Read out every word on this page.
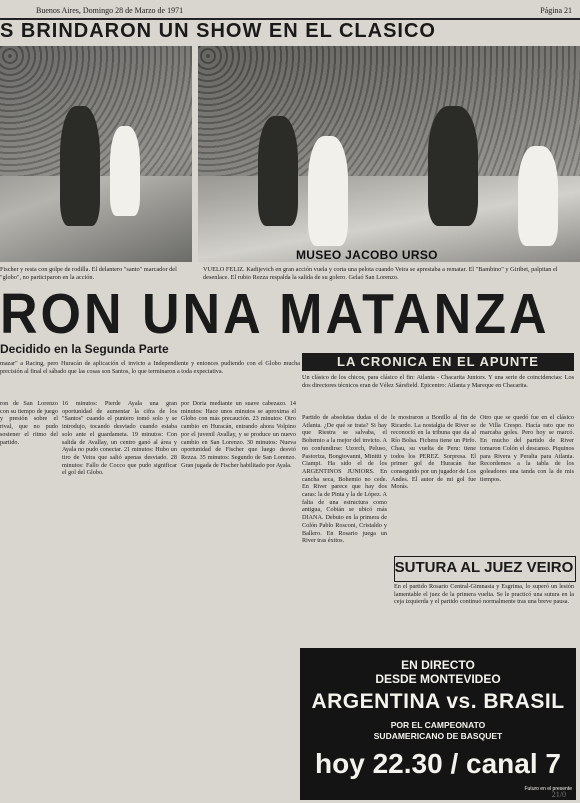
Buenos Aires, Domingo 28 de Marzo de 1971	Página 21
S BRINDARON UN SHOW EN EL CLASICO
MUSEO JACOBO URSO
Fischer y resta con golpe de rodilla. El delantero "santo" marcador del "globo", no participaron en la acción.
VUELO FELIZ. Kadijevich en gran acción vuela y corta una pelota cuando Veira se aprestaba a rematar. El "Bambino" y Giribet, palpitan el desenlace. El rubio Rezza respalda la salida de su golero. Gelaó San Lorenzo.
RON UNA MATANZA
Decidido en la Segunda Parte
mazar" a Racing, pero Huracán de aplicación el invicto a Independiente y entonces pudiendo con el Globo mucha precisión al final el sábado que las cosas son Santos, lo que terminaron a toda expectativa.
ron de San Lorenzo con su tiempo de juego y presión sobre el rival, que no pudo sostener el ritmo del partido.
16 minutos: Pierde Ayala una gran oportunidad de aumentar la cifra de los "Santos" cuando el puntero tomó solo y se introdujo, tocando desviado cuando estaba solo ante el guardameta. 19 minutos: Con salida de Avallay, un centro ganó al área y Ayala no pudo conectar. 21 minutos: Hubo un tiro de Veira que salió apenas desviado. 28 minutos: Fallo de Cocco que pudo significar el gol del Globo.
por Doria mediante un suave cabezazo. 14 minutos: Hace unos minutos se aproxima el Globo con más precaución. 23 minutos: Otro cambio en Huracán, entrando ahora Volpino por el juvenil Avallay, y se produce un nuevo cambio en San Lorenzo. 30 minutos: Nueva oportunidad de Fischer que luego desvió Rezza. 35 minutos: Segundo de San Lorenzo. Gran jugada de Fischer habilitado por Ayala.
LA CRONICA EN EL APUNTE
Un clásico de los chicos, para clásico el fin: Atlanta - Chacarita Juniors. Y una serie de coincidencias: Los dos directores técnicos eran de Vélez Sársfield. Epicentro: Atlanta y Mareque en Chacarita.
Partido de absolutas dudas el de Atlanta. ¿De qué se trata? Si hay que Riestra se salvaba, el Bohemio a la mejor del invicto. A no confundirse: Uzorch, Peluso, Pastoriza, Bongiovanni, Minitti y Ciampi. Ha sido el de los ARGENTINOS JUNIORS. En cancha seca, Bohemio no cede. En River parece que hay dos caras: la de Pinta y la de López. A falta de una estructura como antigua, Cobián se ubicó más DIANA. Debuto en la primera de Colón Pablo Rosconi, Cristaldo y Ballero. En Rosario juega un River tras éxitos.
le mostraron a Bonillo al fin de Ricardo. La nostalgia de River se reconoció en la tribuna que da al Río Bolsa. Fichera tiene un Pirfo. Chau, su vuelta de Peru: tiene todos los PEREZ. Sorpresa. El primer gol de Huracán fue conseguido por un jugador de Los Andes. El autor de mi gol fue Morás.
Otro que se quedó fue en el clásico de Villa Crespo. Hacía rato que no marcaba goles. Pero hoy se marcó. En mucho del partido de River tomaron Colón el descanso. Piquinos para Rivera y Peralta para Atlanta. Recordemos a la tabla de los goleadores una tanda con la de mis tiempos.
SUTURA AL JUEZ VEIRO
En el partido Rosario Central-Gimnasia y Esgrima, lo superó un lesión lamentable el juez de la primera vuelta. Se le practicó una sutura en la ceja izquierda y el partido continuó normalmente tras una breve pausa.
EN DIRECTO
DESDE MONTEVIDEO
ARGENTINA vs. BRASIL
POR EL CAMPEONATO
SUDAMERICANO DE BASQUET
hoy 22.30 / canal 7
Futuro en el presente
21/0
